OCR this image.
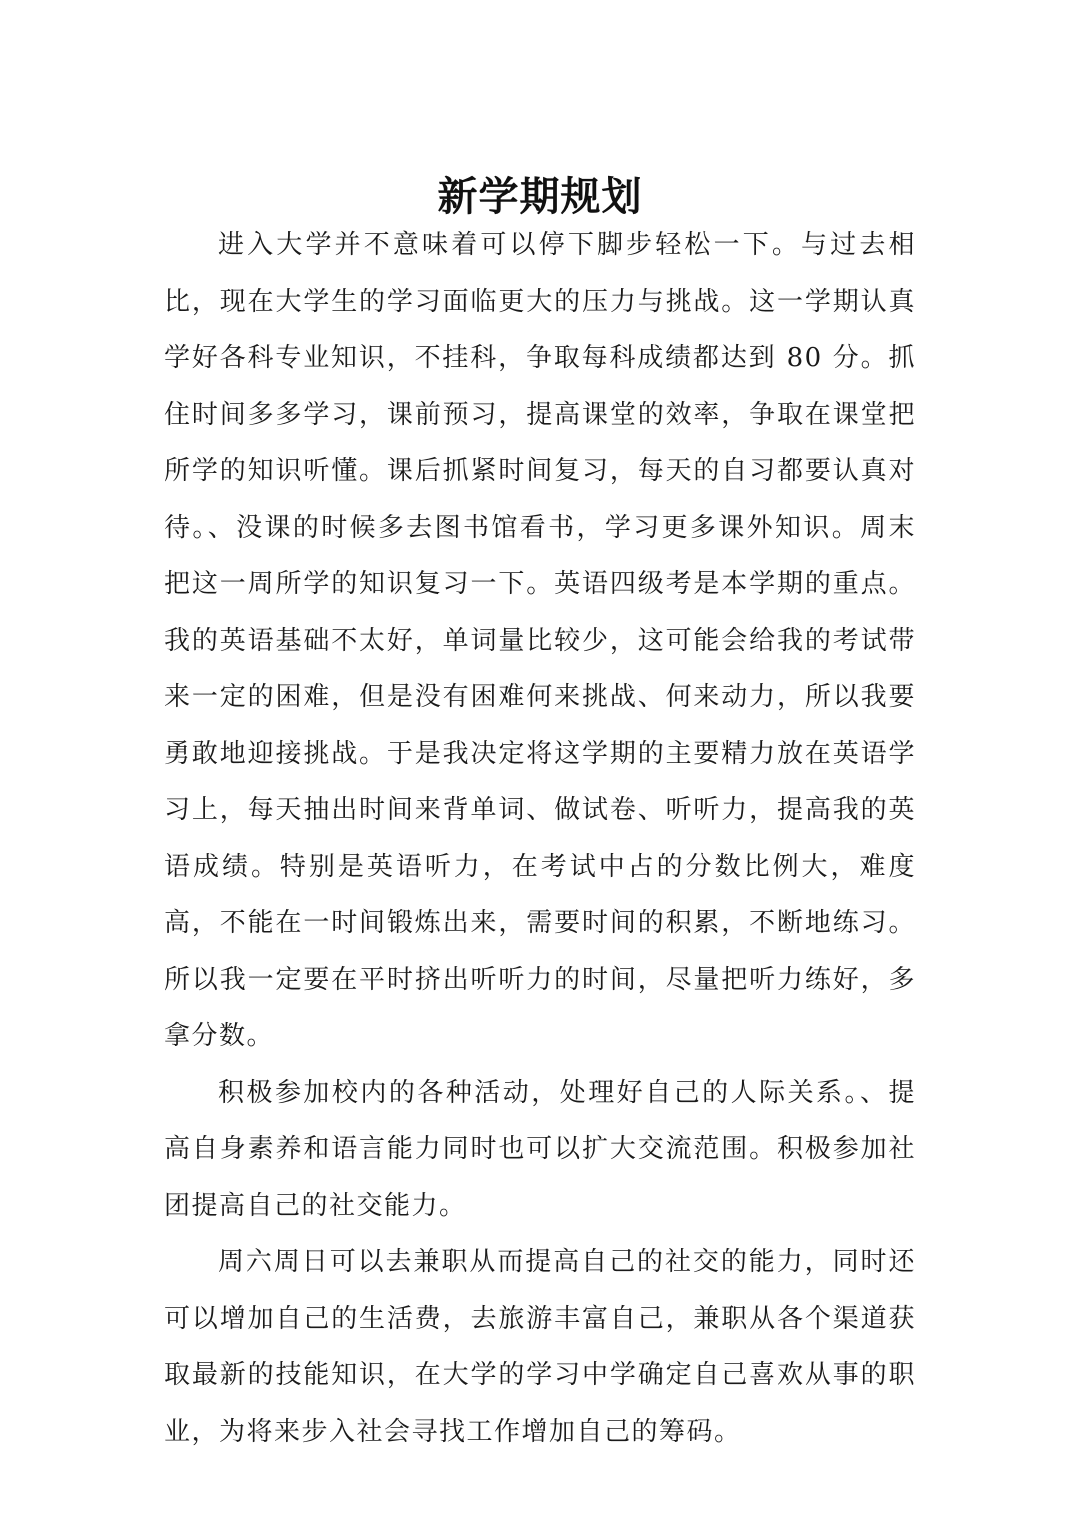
新学期规划

进入大学并不意味着可以停下脚步轻松一下。与过去相比，现在大学生的学习面临更大的压力与挑战。这一学期认真学好各科专业知识，不挂科，争取每科成绩都达到 80 分。抓住时间多多学习，课前预习，提高课堂的效率，争取在课堂把所学的知识听懂。课后抓紧时间复习，每天的自习都要认真对待。、没课的时候多去图书馆看书，学习更多课外知识。周末把这一周所学的知识复习一下。英语四级考是本学期的重点。我的英语基础不太好，单词量比较少，这可能会给我的考试带来一定的困难，但是没有困难何来挑战、何来动力，所以我要勇敢地迎接挑战。于是我决定将这学期的主要精力放在英语学习上，每天抽出时间来背单词、做试卷、听听力，提高我的英语成绩。特别是英语听力，在考试中占的分数比例大，难度高，不能在一时间锻炼出来，需要时间的积累，不断地练习。所以我一定要在平时挤出听听力的时间，尽量把听力练好，多拿分数。

积极参加校内的各种活动，处理好自己的人际关系。、提高自身素养和语言能力同时也可以扩大交流范围。积极参加社团提高自己的社交能力。

周六周日可以去兼职从而提高自己的社交的能力，同时还可以增加自己的生活费，去旅游丰富自己，兼职从各个渠道获取最新的技能知识，在大学的学习中学确定自己喜欢从事的职业，为将来步入社会寻找工作增加自己的筹码。
